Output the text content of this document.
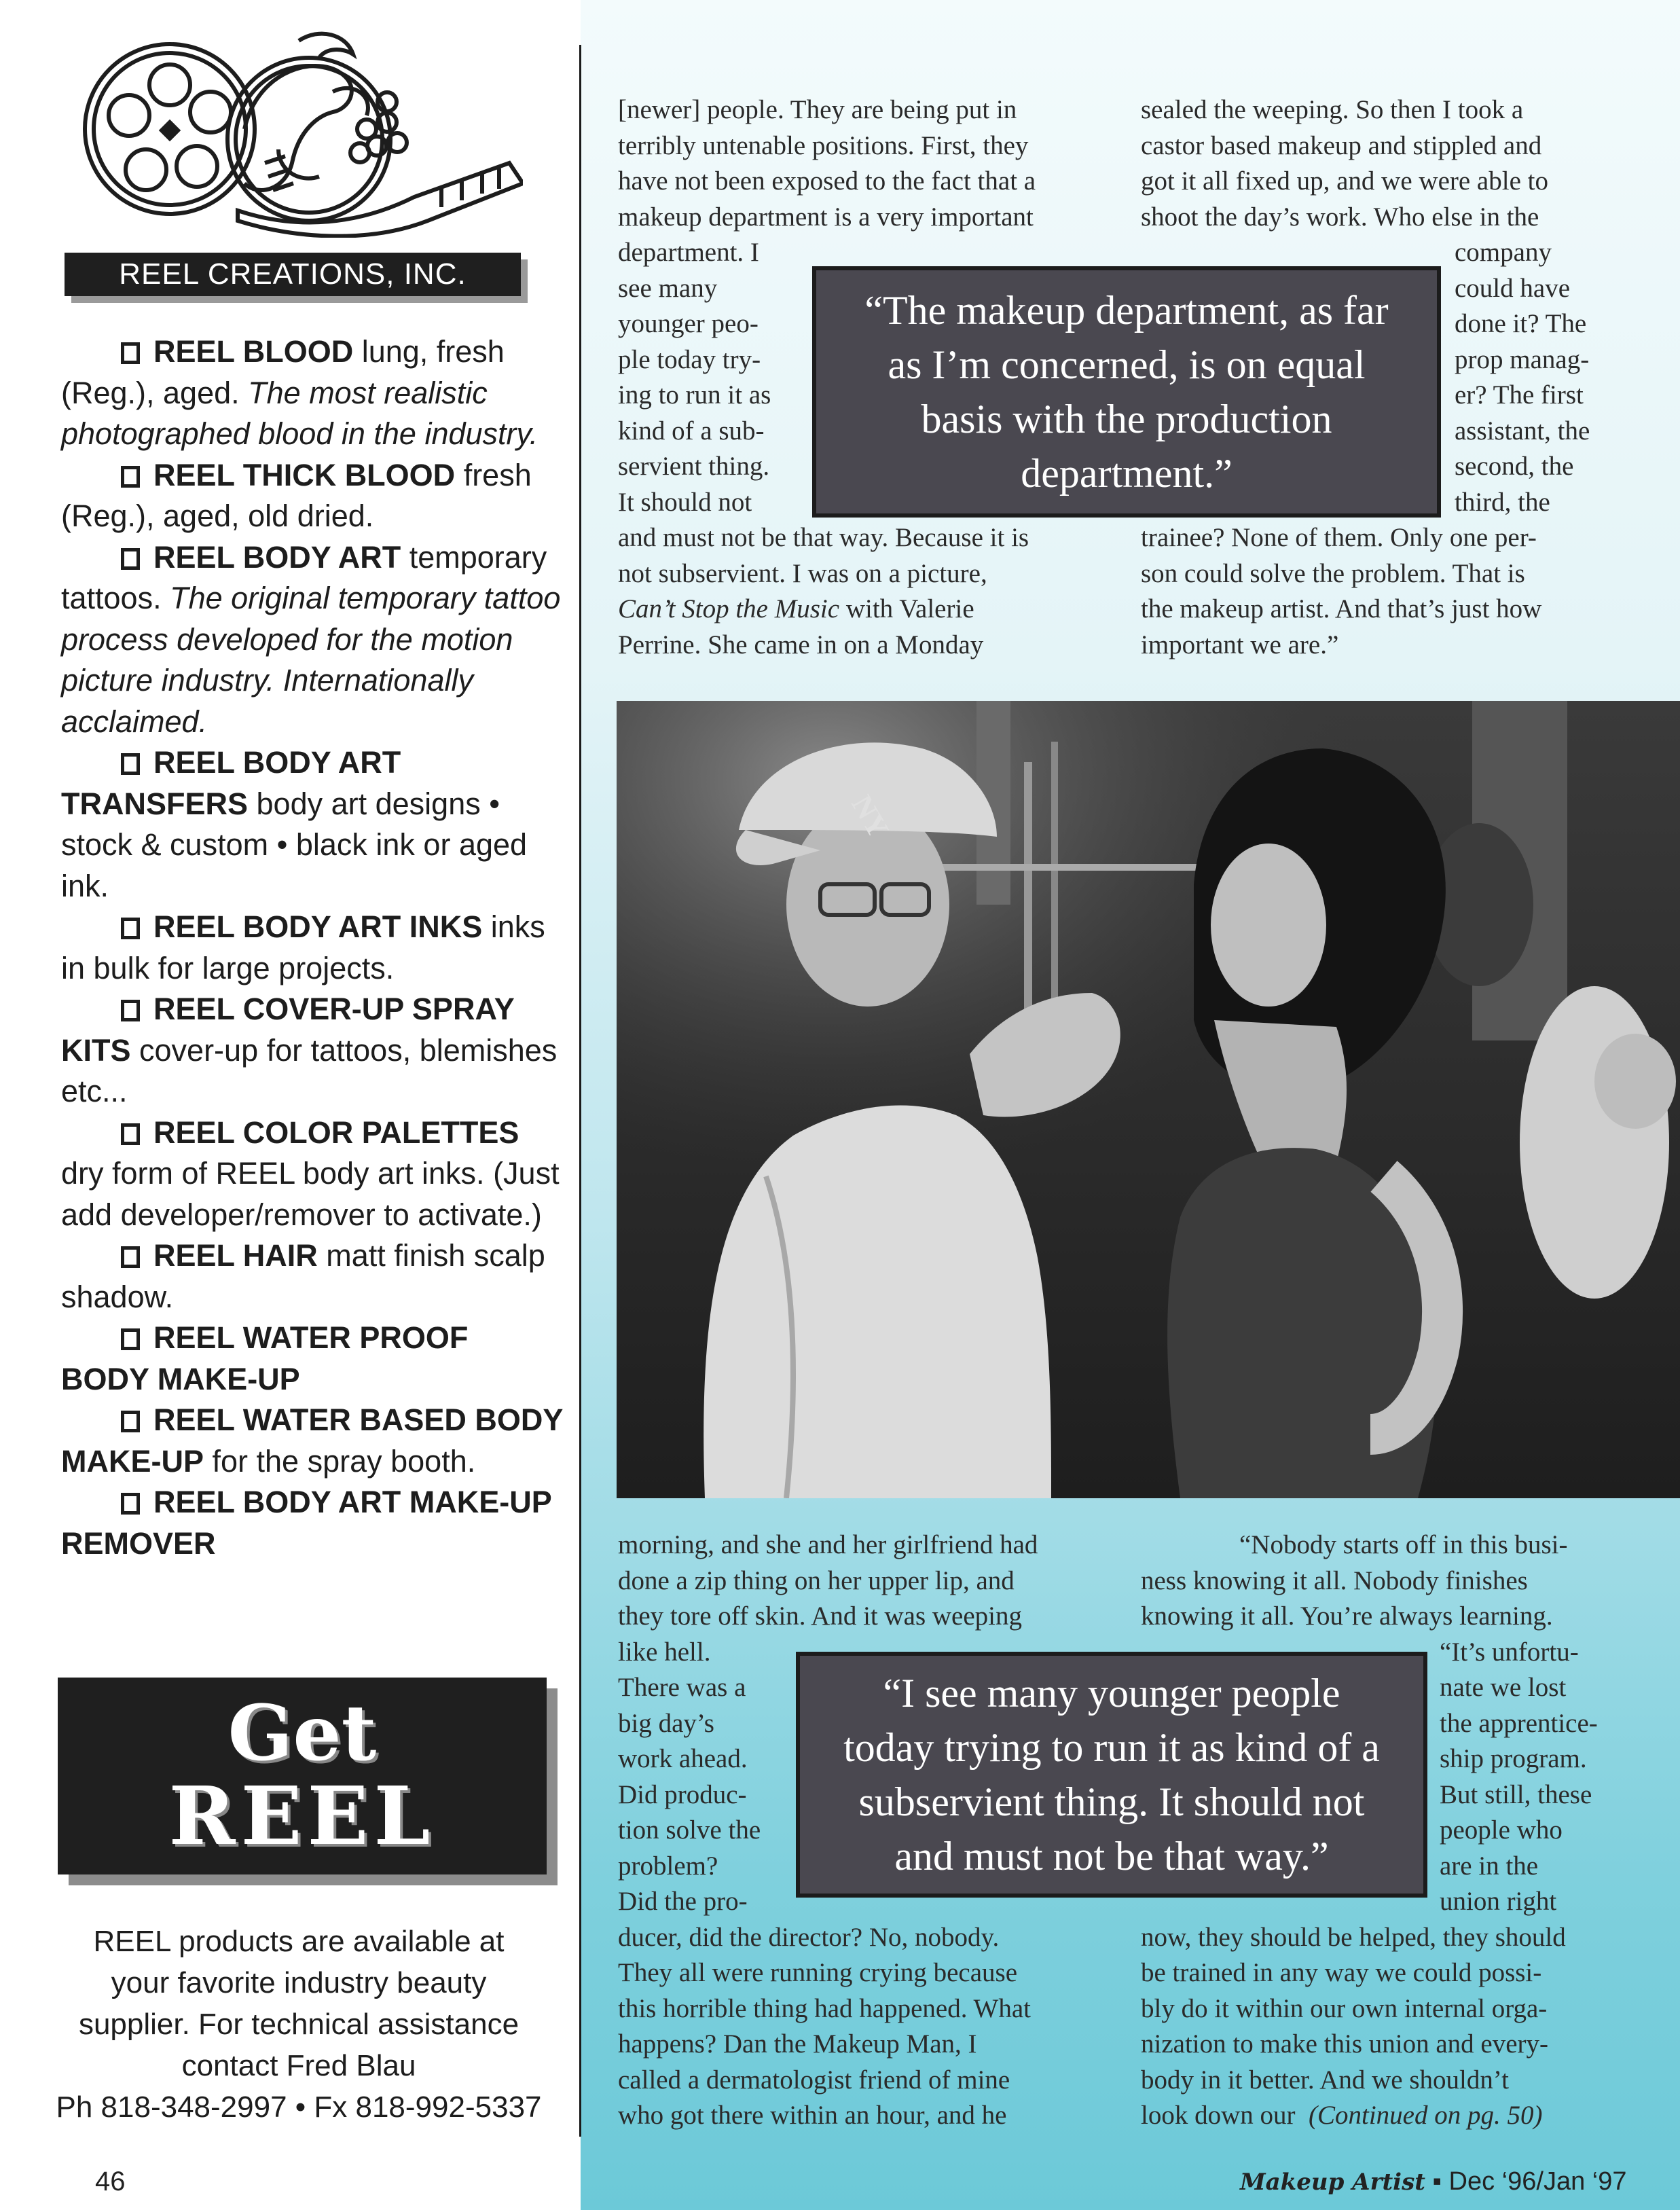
REEL CREATIONS, INC.
REEL BLOOD lung, fresh (Reg.), aged. The most realistic photographed blood in the industry.
REEL THICK BLOOD fresh (Reg.), aged, old dried.
REEL BODY ART temporary tattoos. The original temporary tattoo process developed for the motion picture industry. Internationally acclaimed.
REEL BODY ART TRANSFERS body art designs • stock & custom • black ink or aged ink.
REEL BODY ART INKS inks in bulk for large projects.
REEL COVER-UP SPRAY KITS cover-up for tattoos, blemishes etc...
REEL COLOR PALETTES dry form of REEL body art inks. (Just add developer/remover to activate.)
REEL HAIR matt finish scalp shadow.
REEL WATER PROOF BODY MAKE-UP
REEL WATER BASED BODY MAKE-UP for the spray booth.
REEL BODY ART MAKE-UP REMOVER
Get
REEL
REEL products are available at
your favorite industry beauty
supplier. For technical assistance
contact Fred Blau
Ph 818-348-2997 • Fx 818-992-5337
[newer] people. They are being put in
terribly untenable positions. First, they
have not been exposed to the fact that a
makeup department is a very important
department. I
see many
younger peo-
ple today try-
ing to run it as
kind of a sub-
servient thing.
It should not
and must not be that way. Because it is
not subservient. I was on a picture,
Can’t Stop the Music with Valerie
Perrine. She came in on a Monday
sealed the weeping. So then I took a
castor based makeup and stippled and
got it all fixed up, and we were able to
shoot the day’s work. Who else in the
company
could have
done it? The
prop manag-
er? The first
assistant, the
second, the
third, the
trainee? None of them. Only one per-
son could solve the problem. That is
the makeup artist. And that’s just how
important we are.”
“The makeup department, as far
as I’m concerned, is on equal
basis with the production
department.”
NY
morning, and she and her girlfriend had
done a zip thing on her upper lip, and
they tore off skin. And it was weeping
like hell.
There was a
big day’s
work ahead.
Did produc-
tion solve the
problem?
Did the pro-
ducer, did the director? No, nobody.
They all were running crying because
this horrible thing had happened. What
happens? Dan the Makeup Man, I
called a dermatologist friend of mine
who got there within an hour, and he
“Nobody starts off in this busi-
ness knowing it all. Nobody finishes
knowing it all. You’re always learning.
“It’s unfortu-
nate we lost
the apprentice-
ship program.
But still, these
people who
are in the
union right
now, they should be helped, they should
be trained in any way we could possi-
bly do it within our own internal orga-
nization to make this union and every-
body in it better. And we shouldn’t
look down our  (Continued on pg. 50)
“I see many younger people
today trying to run it as kind of a
subservient thing. It should not
and must not be that way.”
46	Makeup Artist ▪ Dec ‘96/Jan ‘97
